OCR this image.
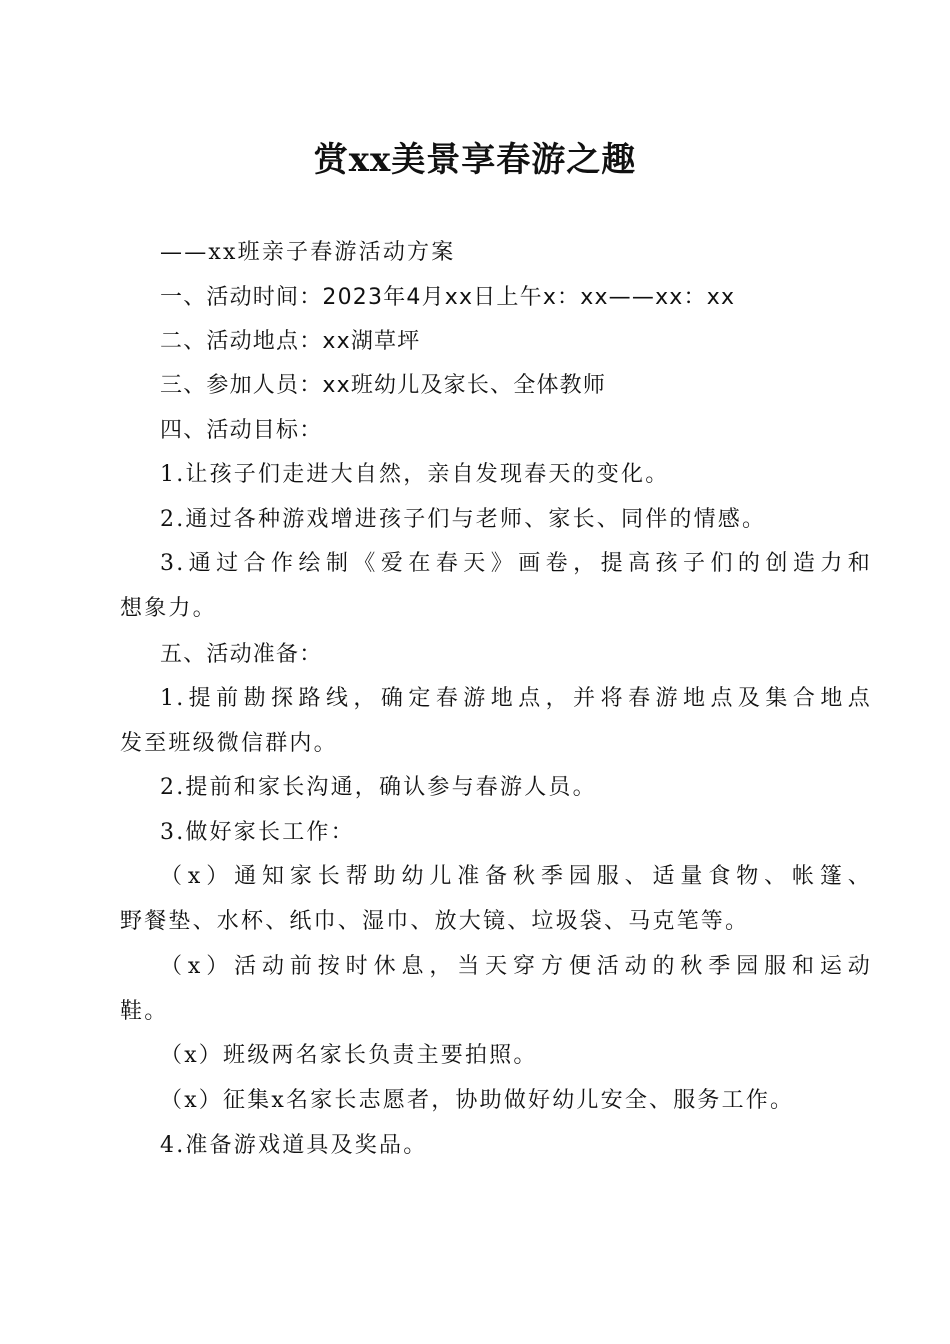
赏xx美景享春游之趣

——xx班亲子春游活动方案

一、活动时间：2023年4月xx日上午x：xx——xx：xx

二、活动地点：xx湖草坪

三、参加人员：xx班幼儿及家长、全体教师

四、活动目标：

1.让孩子们走进大自然，亲自发现春天的变化。

2.通过各种游戏增进孩子们与老师、家长、同伴的情感。

3.通过合作绘制《爱在春天》画卷，提高孩子们的创造力和

想象力。

五、活动准备：

1.提前勘探路线，确定春游地点，并将春游地点及集合地点

发至班级微信群内。

2.提前和家长沟通，确认参与春游人员。

3.做好家长工作：

（x）通知家长帮助幼儿准备秋季园服、适量食物、帐篷、

野餐垫、水杯、纸巾、湿巾、放大镜、垃圾袋、马克笔等。

（x）活动前按时休息，当天穿方便活动的秋季园服和运动

鞋。

（x）班级两名家长负责主要拍照。

（x）征集x名家长志愿者，协助做好幼儿安全、服务工作。

4.准备游戏道具及奖品。
